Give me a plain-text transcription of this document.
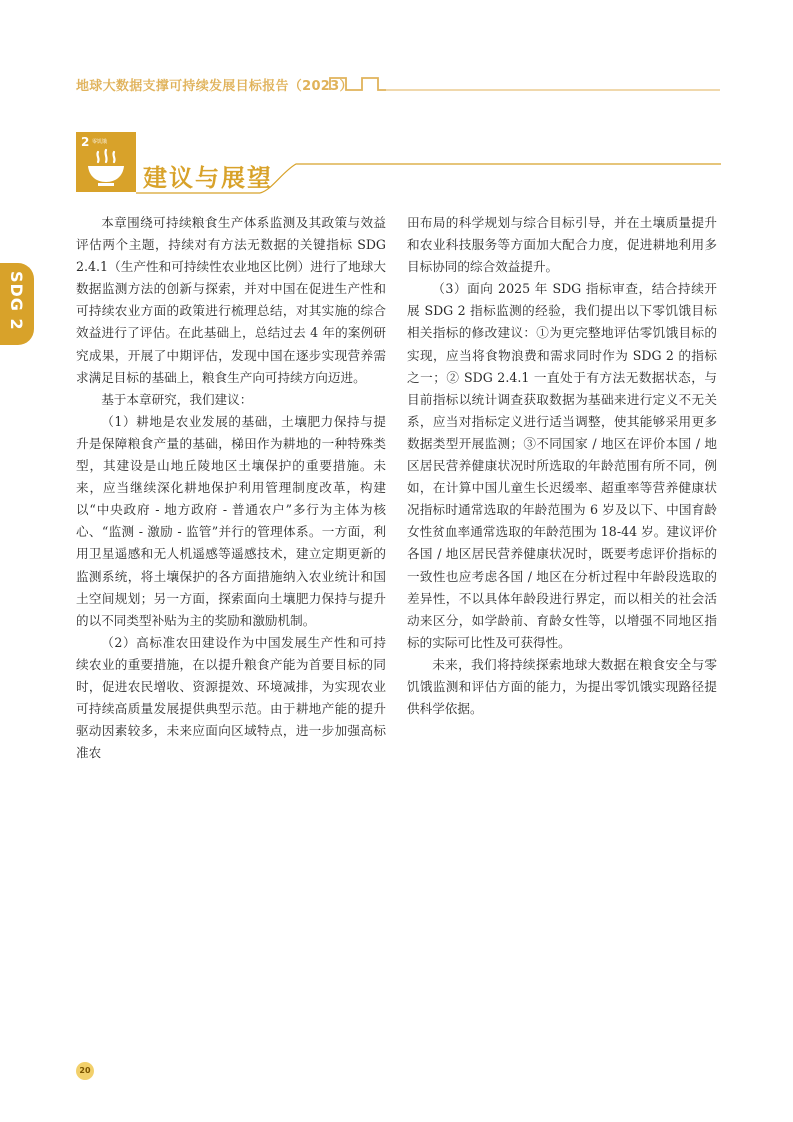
地球大数据支撑可持续发展目标报告（2023）
SDG 2
2 零饥饿
建议与展望

本章围绕可持续粮食生产体系监测及其政策与效益评估两个主题，持续对有方法无数据的关键指标 SDG 2.4.1（生产性和可持续性农业地区比例）进行了地球大数据监测方法的创新与探索，并对中国在促进生产性和可持续农业方面的政策进行梳理总结，对其实施的综合效益进行了评估。在此基础上，总结过去 4 年的案例研究成果，开展了中期评估，发现中国在逐步实现营养需求满足目标的基础上，粮食生产向可持续方向迈进。

基于本章研究，我们建议：

（1）耕地是农业发展的基础，土壤肥力保持与提升是保障粮食产量的基础，梯田作为耕地的一种特殊类型，其建设是山地丘陵地区土壤保护的重要措施。未来，应当继续深化耕地保护利用管理制度改革，构建以“中央政府 - 地方政府 - 普通农户”多行为主体为核心、“监测 - 激励 - 监管”并行的管理体系。一方面，利用卫星遥感和无人机遥感等遥感技术，建立定期更新的监测系统，将土壤保护的各方面措施纳入农业统计和国土空间规划；另一方面，探索面向土壤肥力保持与提升的以不同类型补贴为主的奖励和激励机制。

（2）高标准农田建设作为中国发展生产性和可持续农业的重要措施，在以提升粮食产能为首要目标的同时，促进农民增收、资源提效、环境减排，为实现农业可持续高质量发展提供典型示范。由于耕地产能的提升驱动因素较多，未来应面向区域特点，进一步加强高标准农

田布局的科学规划与综合目标引导，并在土壤质量提升和农业科技服务等方面加大配合力度，促进耕地利用多目标协同的综合效益提升。

（3）面向 2025 年 SDG 指标审查，结合持续开展 SDG 2 指标监测的经验，我们提出以下零饥饿目标相关指标的修改建议：①为更完整地评估零饥饿目标的实现，应当将食物浪费和需求同时作为 SDG 2 的指标之一；② SDG 2.4.1 一直处于有方法无数据状态，与目前指标以统计调查获取数据为基础来进行定义不无关系，应当对指标定义进行适当调整，使其能够采用更多数据类型开展监测；③不同国家 / 地区在评价本国 / 地区居民营养健康状况时所选取的年龄范围有所不同，例如，在计算中国儿童生长迟缓率、超重率等营养健康状况指标时通常选取的年龄范围为 6 岁及以下、中国育龄女性贫血率通常选取的年龄范围为 18-44 岁。建议评价各国 / 地区居民营养健康状况时，既要考虑评价指标的一致性也应考虑各国 / 地区在分析过程中年龄段选取的差异性，不以具体年龄段进行界定，而以相关的社会活动来区分，如学龄前、育龄女性等，以增强不同地区指标的实际可比性及可获得性。

未来，我们将持续探索地球大数据在粮食安全与零饥饿监测和评估方面的能力，为提出零饥饿实现路径提供科学依据。

20
